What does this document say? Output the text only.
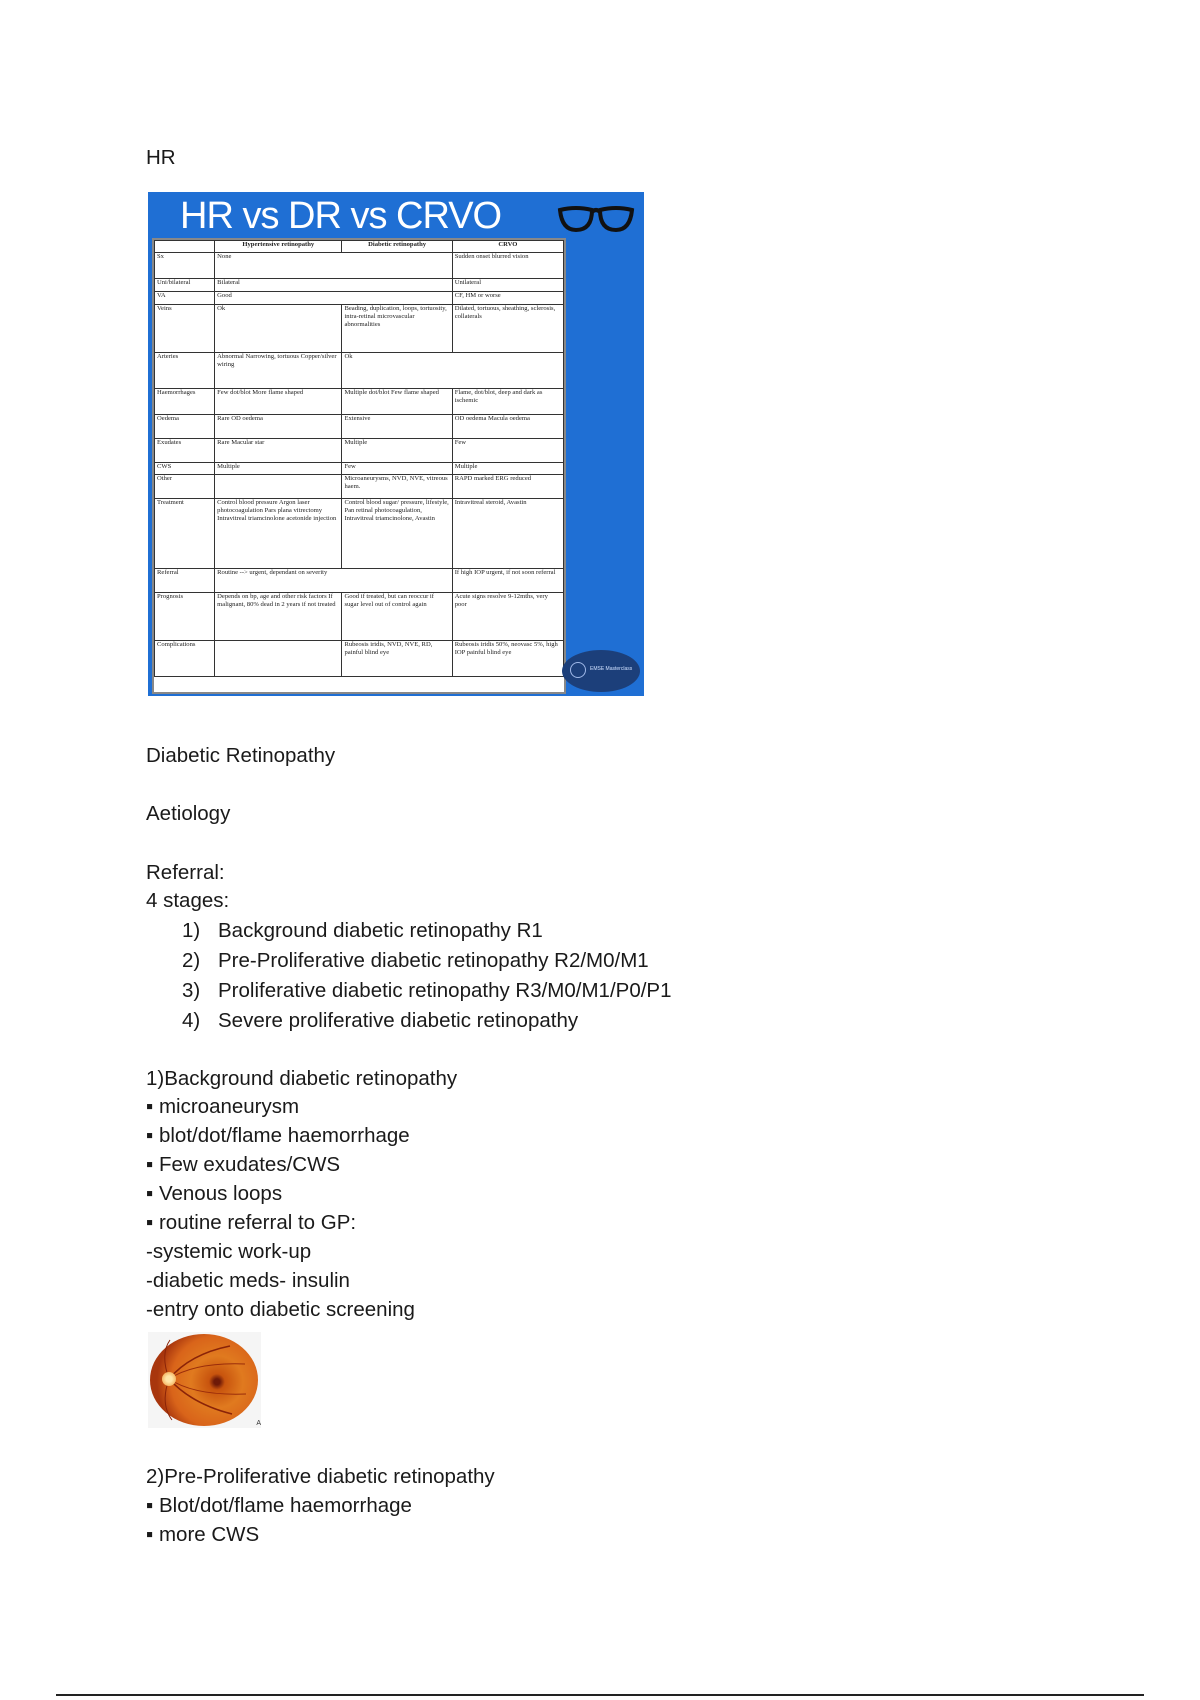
HR
HR vs DR vs CRVO
	Hypertensive retinopathy	Diabetic retinopathy	CRVO
Sx	None		Sudden onset blurred vision
Uni/bilateral	Bilateral		Unilateral
VA	Good		CF, HM or worse
Veins	Ok	Beading, duplication, loops, tortuosity, intra-retinal microvascular abnormalities	Dilated, tortuous, sheathing, sclerosis, collaterals
Arteries	Abnormal Narrowing, tortuous Copper/silver wiring	Ok	
Haemorrhages	Few dot/blot More flame shaped	Multiple dot/blot Few flame shaped	Flame, dot/blot, deep and dark as ischemic
Oedema	Rare OD oedema	Extensive	OD oedema Macula oedema
Exudates	Rare Macular star	Multiple	Few
CWS	Multiple	Few	Multiple
Other		Microaneurysms, NVD, NVE, vitreous haem.	RAPD marked ERG reduced
Treatment	Control blood pressure Argon laser photocoagulation Pars plana vitrectomy Intravitreal triamcinolone acetonide injection	Control blood sugar/ pressure, lifestyle, Pan retinal photocoagulation, Intravitreal triamcinolone, Avastin	Intravitreal steroid, Avastin
Referral	Routine --> urgent, dependant on severity		If high IOP urgent, if not soon referral
Prognosis	Depends on bp, age and other risk factors If malignant, 80% dead in 2 years if not treated	Good if treated, but can reoccur if sugar level out of control again	Acute signs resolve 9-12mths, very poor
Complications		Rubeosis iridis, NVD, NVE, RD, painful blind eye	Rubeosis iridis 50%, neovasc 5%, high IOP painful blind eye
EMSE Masterclass
Diabetic Retinopathy
Aetiology
Referral:
4 stages:
1) Background diabetic retinopathy R1
2) Pre-Proliferative diabetic retinopathy R2/M0/M1
3) Proliferative diabetic retinopathy R3/M0/M1/P0/P1
4) Severe proliferative diabetic retinopathy
1)Background diabetic retinopathy
▪ microaneurysm
▪ blot/dot/flame haemorrhage
▪ Few exudates/CWS
▪ Venous loops
▪ routine referral to GP:
-systemic work-up
-diabetic meds- insulin
-entry onto diabetic screening
A
2)Pre-Proliferative diabetic retinopathy
▪ Blot/dot/flame haemorrhage
▪ more CWS
